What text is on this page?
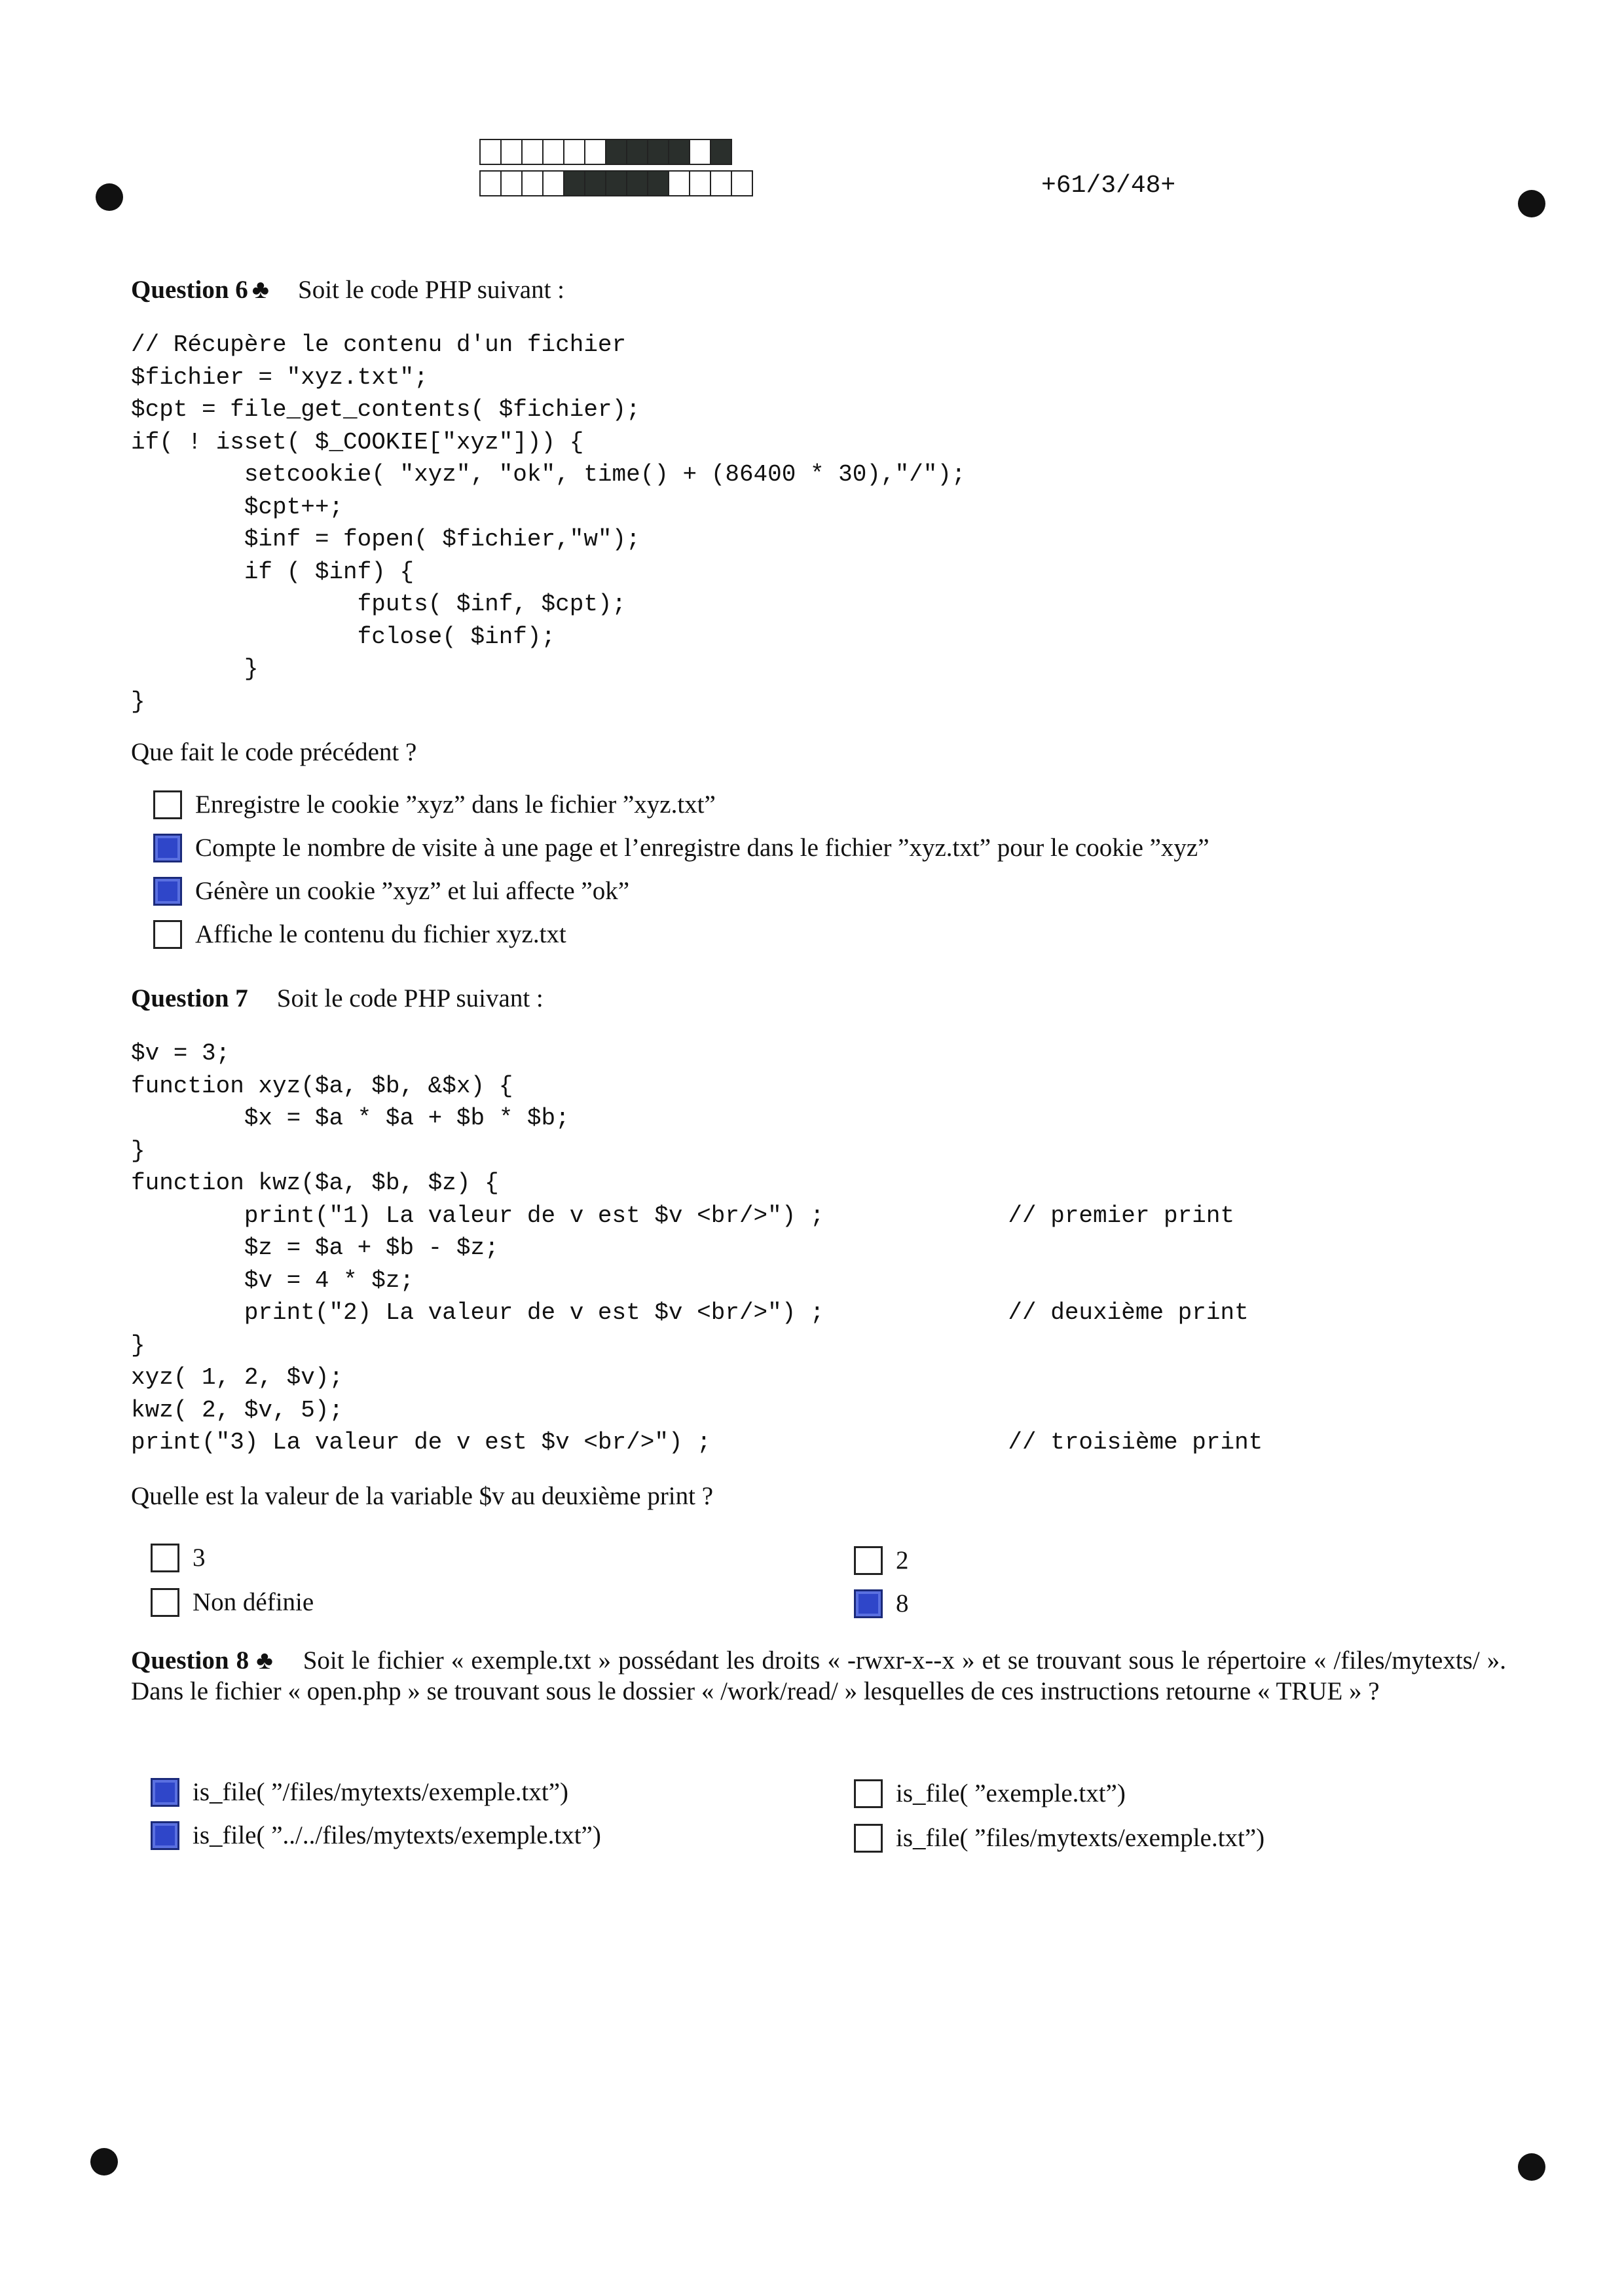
+61/3/48+
Question 6 ♣ Soit le code PHP suivant :
// Récupère le contenu d'un fichier
$fichier = "xyz.txt";
$cpt = file_get_contents( $fichier);
if( ! isset( $_COOKIE["xyz"])) {
setcookie( "xyz", "ok", time() + (86400 * 30),"/");
$cpt++;
$inf = fopen( $fichier,"w");
if ( $inf) {
fputs( $inf, $cpt);
fclose( $inf);
}
}
Que fait le code précédent ?
Enregistre le cookie ”xyz” dans le fichier ”xyz.txt”
Compte le nombre de visite à une page et l’enregistre dans le fichier ”xyz.txt” pour le cookie ”xyz”
Génère un cookie ”xyz” et lui affecte ”ok”
Affiche le contenu du fichier xyz.txt
Question 7 Soit le code PHP suivant :
$v = 3;
function xyz($a, $b, &$x) {
$x = $a * $a + $b * $b;
}
function kwz($a, $b, $z) {
print("1) La valeur de v est $v <br/>") ;             // premier print
$z = $a + $b - $z;
$v = 4 * $z;
print("2) La valeur de v est $v <br/>") ;             // deuxième print
}
xyz( 1, 2, $v);
kwz( 2, $v, 5);
print("3) La valeur de v est $v <br/>") ;                     // troisième print
Quelle est la valeur de la variable $v au deuxième print ?
3	2
Non définie	8
Question 8 ♣ Soit le fichier « exemple.txt » possédant les droits « -rwxr-x--x » et se trouvant sous le répertoire « /files/mytexts/ ». Dans le fichier « open.php » se trouvant sous le dossier « /work/read/ » lesquelles de ces instructions retourne « TRUE » ?
is_file( ”/files/mytexts/exemple.txt”)	is_file( ”exemple.txt”)
is_file( ”../../files/mytexts/exemple.txt”)	is_file( ”files/mytexts/exemple.txt”)
